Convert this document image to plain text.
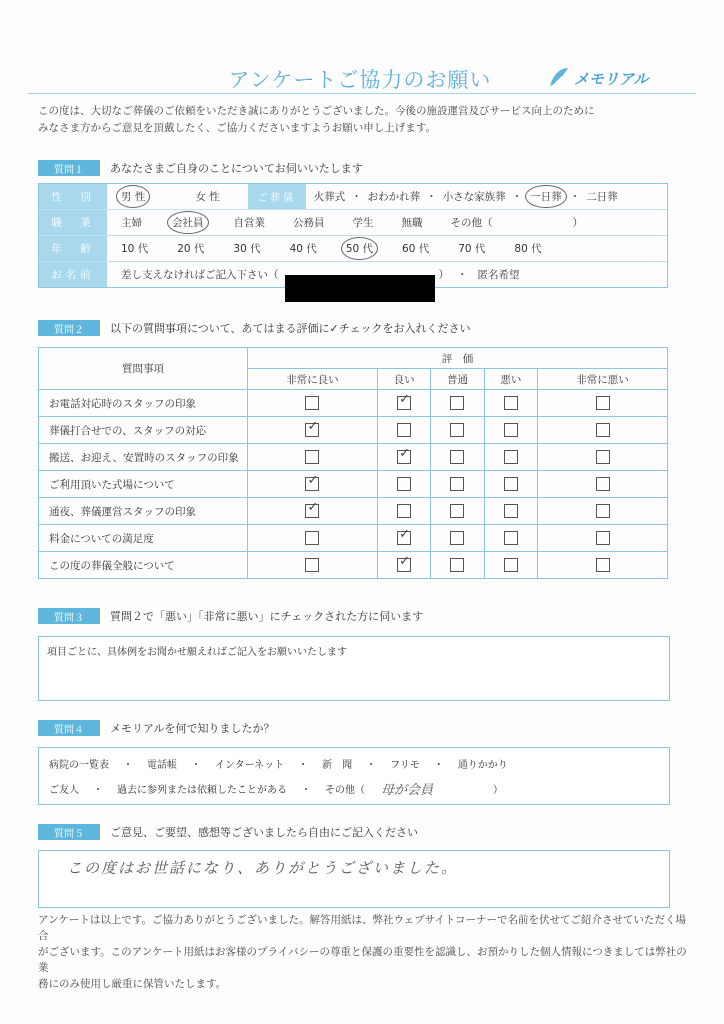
アンケートご協力のお願い	メモリアル
この度は、大切なご葬儀のご依頼をいただき誠にありがとうございました。今後の施設運営及びサービス向上のために
みなさま方からご意見を頂戴したく、ご協力くださいますようお願い申し上げます。
質問１	あなたさまご自身のことについてお伺いいたします
性　別	男 性	女 性	ご葬儀	火葬式 ・ おわかれ葬 ・ 小さな家族葬 ・ 一日葬 ・ 二日葬
職　業	主婦	会社員	自営業	公務員	学生	無職	その他（	）
年　齢	10 代	20 代	30 代	40 代	50 代	60 代	70 代	80 代
お名前	差し支えなければご記入下さい（	） ・ 匿名希望
質問２	以下の質問事項について、あてはまる評価に✓チェックをお入れください
質問事項	評　価				
	非常に良い	良い	普通	悪い	非常に悪い
お電話対応時のスタッフの印象		✓			

葬儀打合せでの、スタッフの対応	✓				

搬送、お迎え、安置時のスタッフの印象		✓			

ご利用頂いた式場について	✓				

通夜、葬儀運営スタッフの印象	✓				

料金についての満足度		✓			

この度の葬儀全般について		✓			

質問３	質問２で「悪い」「非常に悪い」にチェックされた方に伺います
項目ごとに、具体例をお聞かせ願えればご記入をお願いいたします
質問４	メモリアルを何で知りましたか？
病院の一覧表 ・ 電話帳 ・ インターネット ・ 新　聞 ・ フリモ ・ 通りかかり
ご友人 ・ 過去に参列または依頼したことがある ・ その他（ 母が会員	）
質問５	ご意見、ご要望、感想等ございましたら自由にご記入ください
この度はお世話になり、ありがとうございました。
アンケートは以上です。ご協力ありがとうございました。解答用紙は、弊社ウェブサイトコーナーで名前を伏せてご紹介させていただく場合
がございます。このアンケート用紙はお客様のプライバシーの尊重と保護の重要性を認識し、お預かりした個人情報につきましては弊社の業
務にのみ使用し厳重に保管いたします。
